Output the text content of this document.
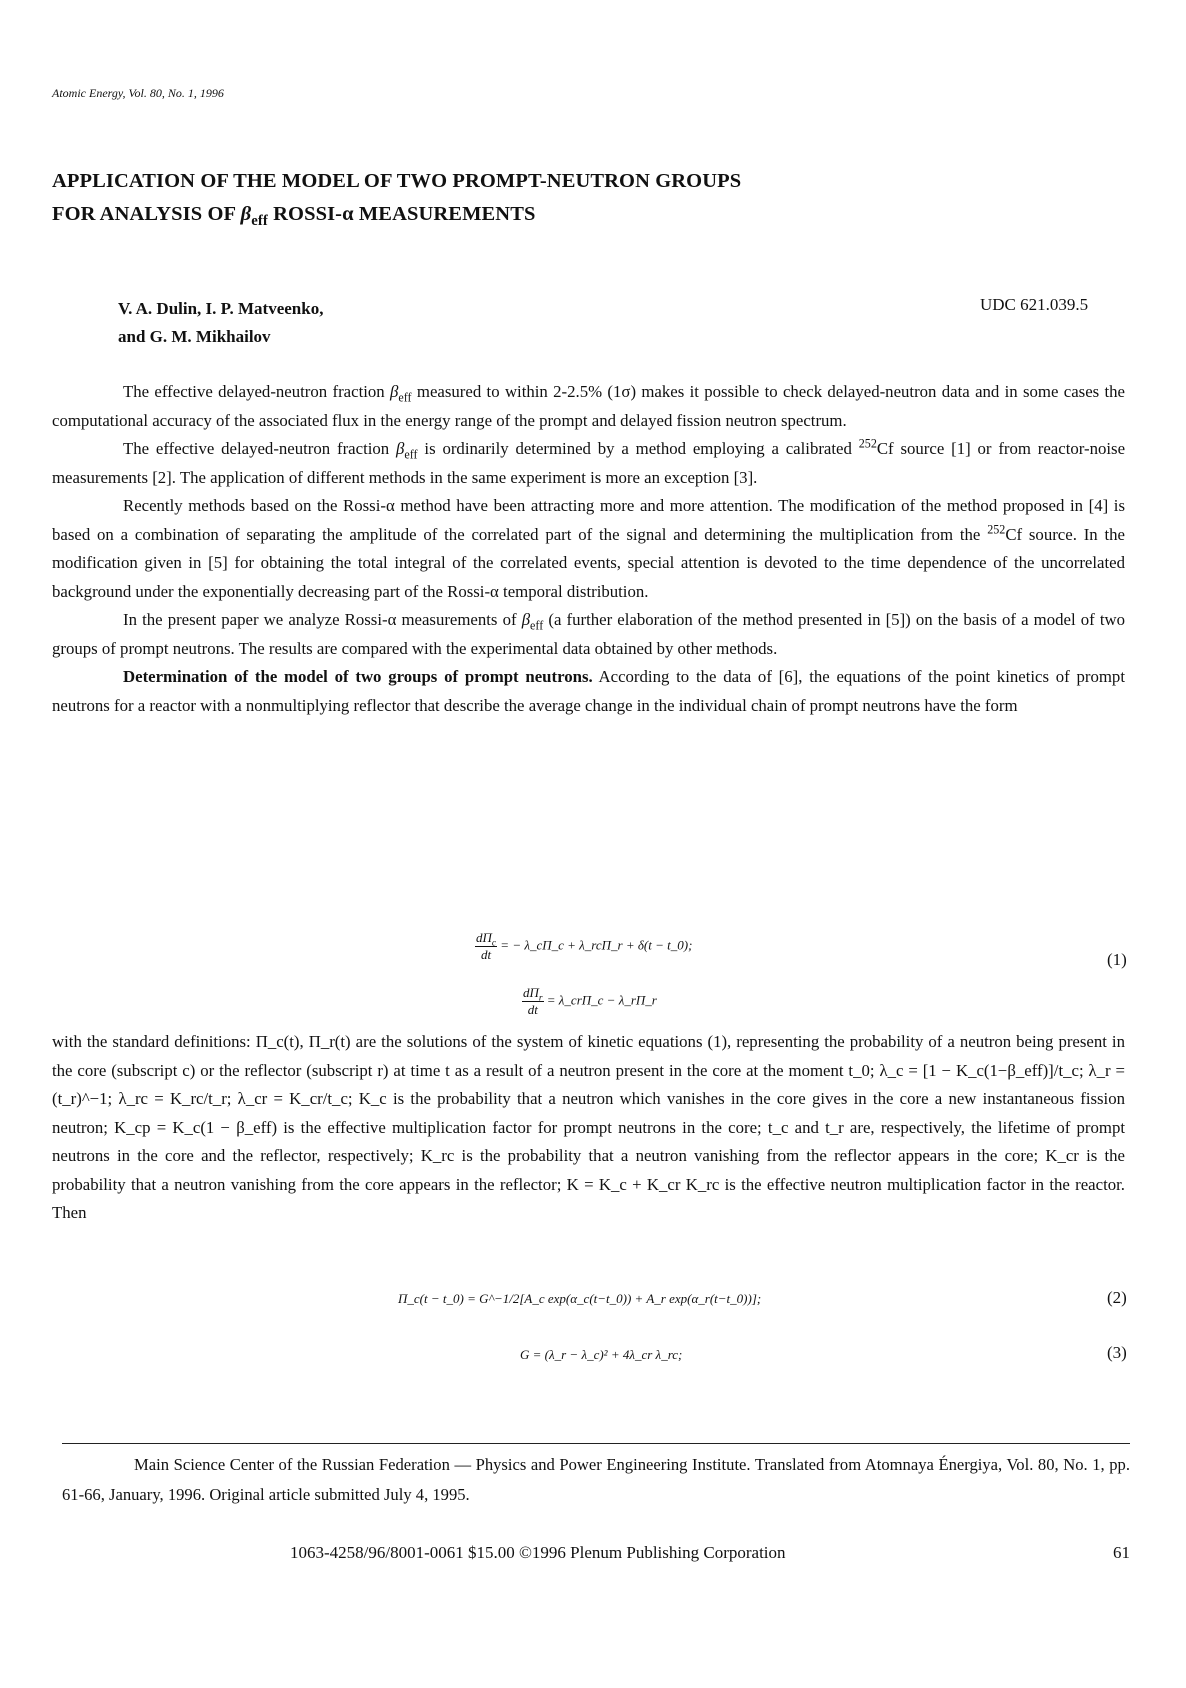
Atomic Energy, Vol. 80, No. 1, 1996
APPLICATION OF THE MODEL OF TWO PROMPT-NEUTRON GROUPS
FOR ANALYSIS OF $\beta_{eff}$ ROSSI-α MEASUREMENTS
V. A. Dulin, I. P. Matveenko,
and G. M. Mikhailov
UDC 621.039.5

The effective delayed-neutron fraction $\beta_{eff}$ measured to within 2-2.5% (1σ) makes it possible to check delayed-neutron data and in some cases the computational accuracy of the associated flux in the energy range of the prompt and delayed fission neutron spectrum.

The effective delayed-neutron fraction $\beta_{eff}$ is ordinarily determined by a method employing a calibrated $^{252}$Cf source [1] or from reactor-noise measurements [2]. The application of different methods in the same experiment is more an exception [3].

Recently methods based on the Rossi-α method have been attracting more and more attention. The modification of the method proposed in [4] is based on a combination of separating the amplitude of the correlated part of the signal and determining the multiplication from the $^{252}$Cf source. In the modification given in [5] for obtaining the total integral of the correlated events, special attention is devoted to the time dependence of the uncorrelated background under the exponentially decreasing part of the Rossi-α temporal distribution.

In the present paper we analyze Rossi-α measurements of $\beta_{eff}$ (a further elaboration of the method presented in [5]) on the basis of a model of two groups of prompt neutrons. The results are compared with the experimental data obtained by other methods.

Determination of the model of two groups of prompt neutrons. According to the data of [6], the equations of the point kinetics of prompt neutrons for a reactor with a nonmultiplying reflector that describe the average change in the individual chain of prompt neutrons have the form

$\frac{d\Pi_c}{dt}$ = − λ_cΠ_c + λ_rcΠ_r + δ(t − t_0);
$\frac{d\Pi_r}{dt}$ = λ_crΠ_c − λ_rΠ_r
(1)

with the standard definitions: Π_c(t), Π_r(t) are the solutions of the system of kinetic equations (1), representing the probability of a neutron being present in the core (subscript c) or the reflector (subscript r) at time t as a result of a neutron present in the core at the moment t_0; λ_c = [1 − K_c(1−β_eff)]/t_c; λ_r = (t_r)^−1; λ_rc = K_rc/t_r; λ_cr = K_cr/t_c; K_c is the probability that a neutron which vanishes in the core gives in the core a new instantaneous fission neutron; K_cp = K_c(1 − β_eff) is the effective multiplication factor for prompt neutrons in the core; t_c and t_r are, respectively, the lifetime of prompt neutrons in the core and the reflector, respectively; K_rc is the probability that a neutron vanishing from the reflector appears in the core; K_cr is the probability that a neutron vanishing from the core appears in the reflector; K = K_c + K_cr K_rc is the effective neutron multiplication factor in the reactor. Then

Π_c(t − t_0) = G^−1/2[A_c exp(α_c(t−t_0)) + A_r exp(α_r(t−t_0))];	(2)
G = (λ_r − λ_c)² + 4λ_cr λ_rc;	(3)

Main Science Center of the Russian Federation — Physics and Power Engineering Institute. Translated from Atomnaya Énergiya, Vol. 80, No. 1, pp. 61-66, January, 1996. Original article submitted July 4, 1995.

1063-4258/96/8001-0061 $15.00 ©1996 Plenum Publishing Corporation	61
